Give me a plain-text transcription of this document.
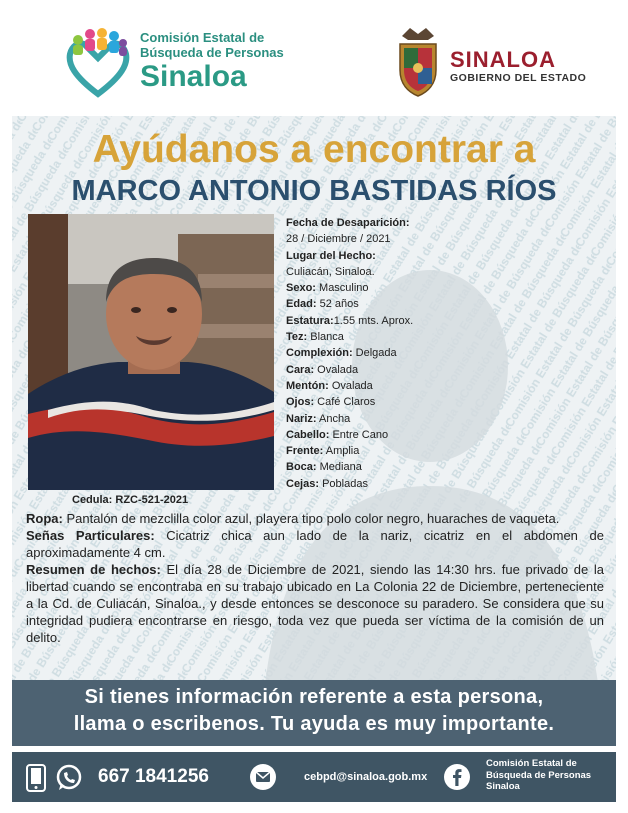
Comisión Estatal de
Búsqueda de Personas
Sinaloa
SINALOA
GOBIERNO DEL ESTADO
Ayúdanos a encontrar a
MARCO ANTONIO BASTIDAS RÍOS
Cedula: RZC-521-2021
Fecha de Desaparición:
28 / Diciembre / 2021
Lugar del Hecho:
Culiacán, Sinaloa.
Sexo: Masculino
Edad: 52 años
Estatura:1.55 mts. Aprox.
Tez: Blanca
Complexión: Delgada
Cara: Ovalada
Mentón: Ovalada
Ojos: Café Claros
Nariz: Ancha
Cabello: Entre Cano
Frente: Amplia
Boca: Mediana
Cejas: Pobladas

Ropa: Pantalón de mezclilla color azul, playera tipo polo color negro, huaraches de vaqueta.

Señas Particulares: Cicatriz chica aun lado de la nariz, cicatriz en el abdomen de aproximadamente 4 cm.

Resumen de hechos: El día 28 de Diciembre de 2021, siendo las 14:30 hrs. fue privado de la libertad cuando se encontraba en su trabajo ubicado en La Colonia 22 de Diciembre, perteneciente a la Cd. de Culiacán, Sinaloa., y desde entonces se desconoce su paradero. Se considera que su integridad pudiera encontrarse en riesgo, toda vez que pueda ser víctima de la comisión de un delito.

Si tienes información referente a esta persona,
llama o escribenos. Tu ayuda es muy importante.
667 1841256	cebpd@sinaloa.gob.mx
Comisión Estatal de
Búsqueda de Personas
Sinaloa
